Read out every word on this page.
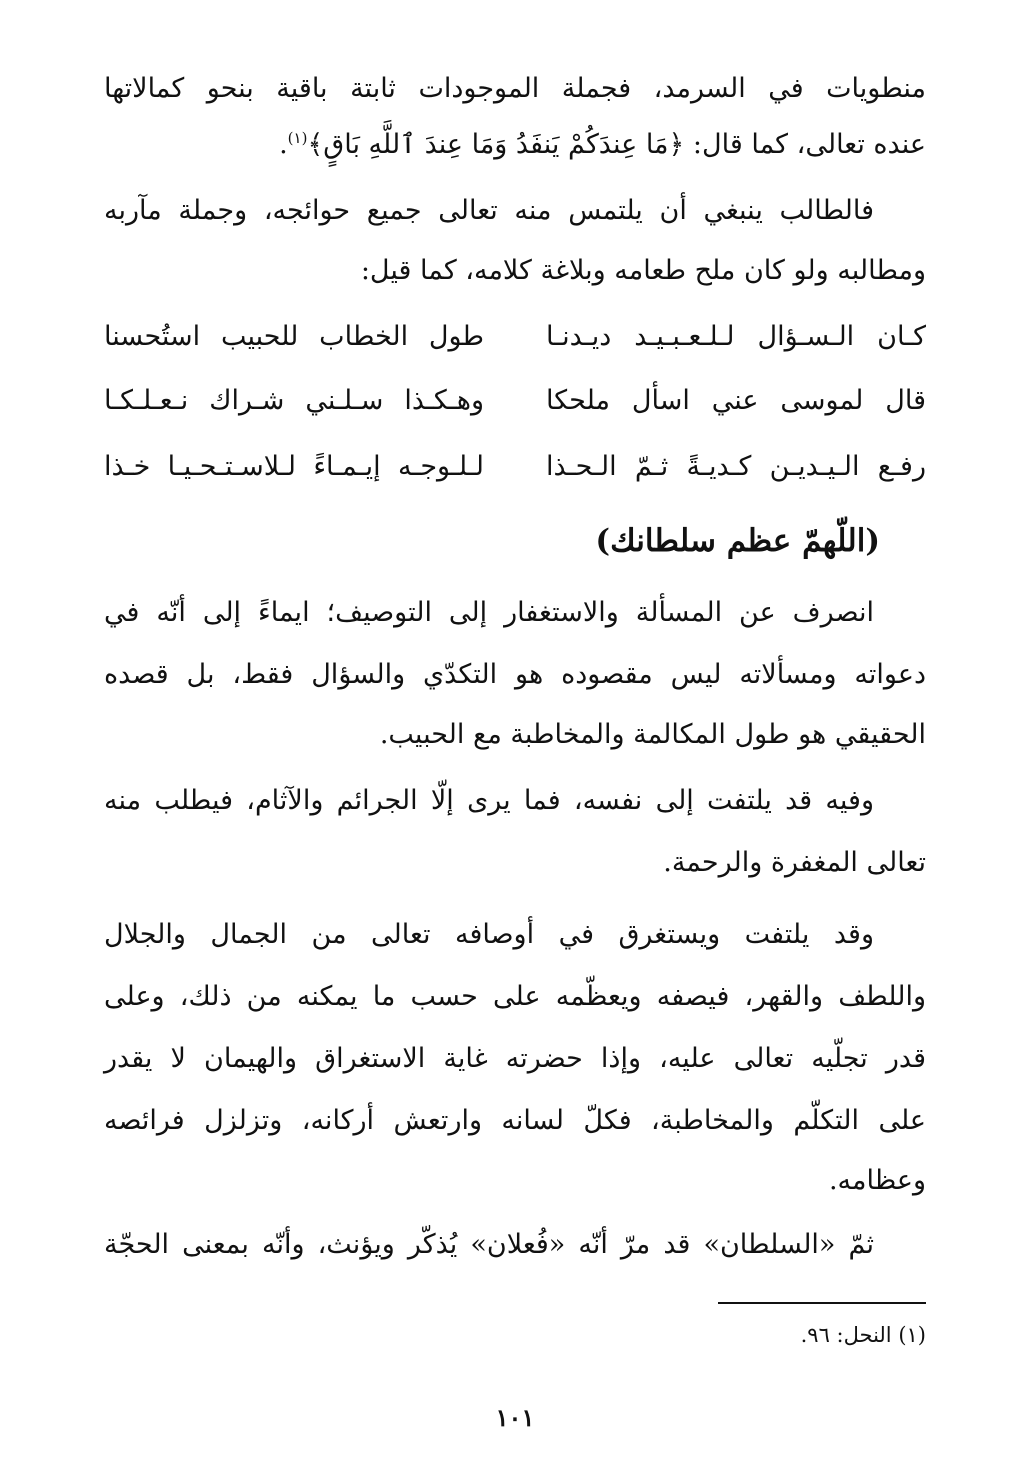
منطويات في السرمد، فجملة الموجودات ثابتة باقية بنحو كمالاتها
عنده تعالى، كما قال: ﴿مَا عِندَكُمْ يَنفَدُ وَمَا عِندَ ٱللَّهِ بَاقٍ﴾$^{(١)}$.
فالطالب ينبغي أن يلتمس منه تعالى جميع حوائجه، وجملة مآربه
ومطالبه ولو كان ملح طعامه وبلاغة كلامه، كما قيل:
كـان الـسـؤال لـلـعـبـيـد ديـدنـا
طول الخطاب للحبيب استُحسنا
قال لموسى عني اسأل ملحكا
وهـكـذا سـلـني شـراك نـعـلـكـا
رفـع الـيـديـن كـديـةً ثـمّ الـحـذا
لـلـوجـه إيـمـاءً لـلاسـتـحـيـا خـذا
(اللّهمّ عظم سلطانك)
انصرف عن المسألة والاستغفار إلى التوصيف؛ ايماءً إلى أنّه في
دعواته ومسألاته ليس مقصوده هو التكدّي والسؤال فقط، بل قصده
الحقيقي هو طول المكالمة والمخاطبة مع الحبيب.
وفيه قد يلتفت إلى نفسه، فما يرى إلّا الجرائم والآثام، فيطلب منه
تعالى المغفرة والرحمة.
وقد يلتفت ويستغرق في أوصافه تعالى من الجمال والجلال
واللطف والقهر، فيصفه ويعظّمه على حسب ما يمكنه من ذلك، وعلى
قدر تجلّيه تعالى عليه، وإذا حضرته غاية الاستغراق والهيمان لا يقدر
على التكلّم والمخاطبة، فكلّ لسانه وارتعش أركانه، وتزلزل فرائصه
وعظامه.
ثمّ «السلطان» قد مرّ أنّه «فُعلان» يُذكّر ويؤنث، وأنّه بمعنى الحجّة
(١) النحل: ٩٦.
١٠١
